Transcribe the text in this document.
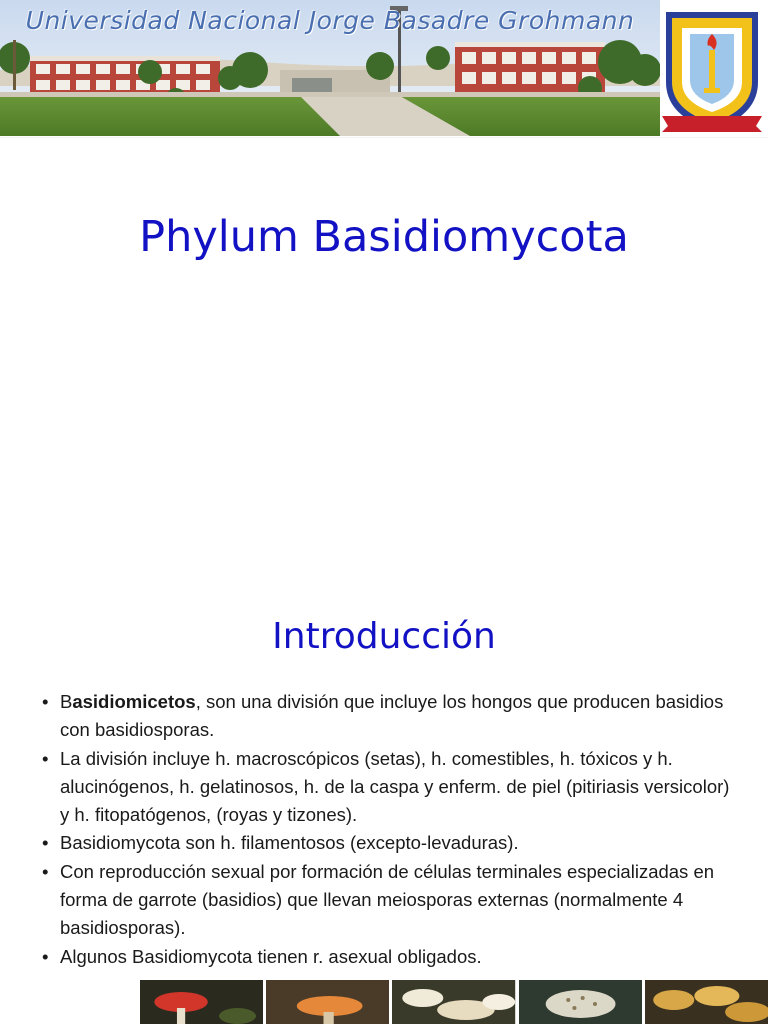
Universidad Nacional Jorge Basadre Grohmann
Phylum Basidiomycota
Introducción
• Basidiomicetos, son una división que incluye los hongos que producen basidios con basidiosporas.
• La división incluye h. macroscópicos (setas), h. comestibles, h. tóxicos y h. alucinógenos, h. gelatinosos, h. de la caspa y enferm. de piel (pitiriasis versicolor) y h. fitopatógenos, (royas y tizones).
• Basidiomycota son h. filamentosos (excepto-levaduras).
• Con reproducción sexual por formación de células terminales especializadas en forma de garrote (basidios) que llevan meiosporas externas (normalmente 4 basidiosporas).
• Algunos Basidiomycota tienen r. asexual obligados.
